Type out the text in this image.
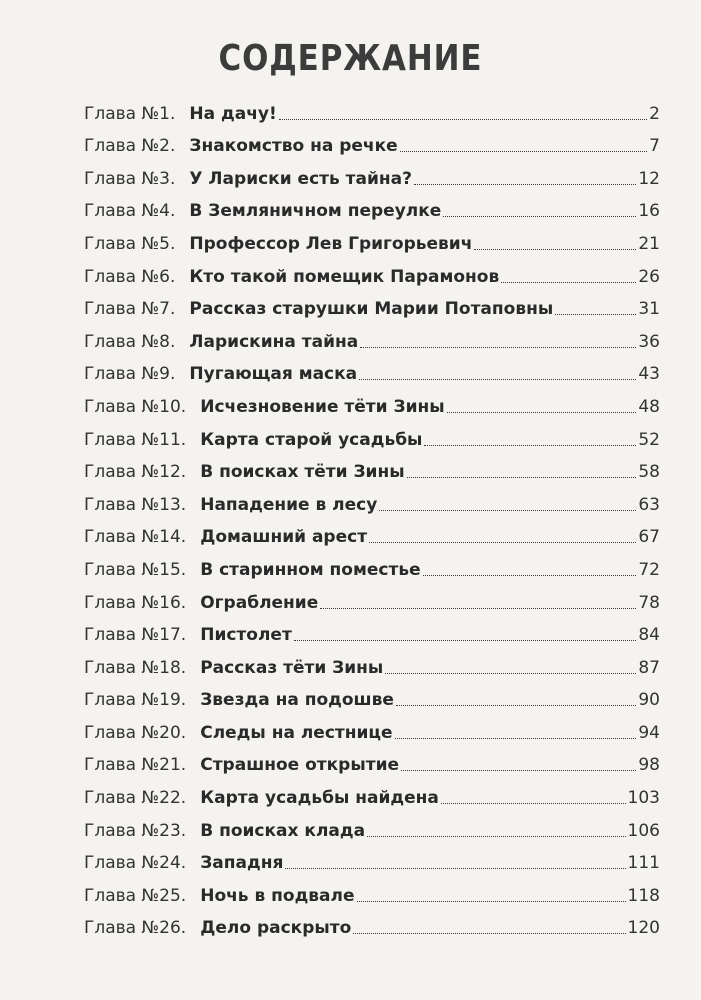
СОДЕРЖАНИЕ
Глава №1. На дачу!	2
Глава №2. Знакомство на речке	7
Глава №3. У Лариски есть тайна?	12
Глава №4. В Земляничном переулке	16
Глава №5. Профессор Лев Григорьевич	21
Глава №6. Кто такой помещик Парамонов	26
Глава №7. Рассказ старушки Марии Потаповны	31
Глава №8. Ларискина тайна	36
Глава №9. Пугающая маска	43
Глава №10. Исчезновение тёти Зины	48
Глава №11. Карта старой усадьбы	52
Глава №12. В поисках тёти Зины	58
Глава №13. Нападение в лесу	63
Глава №14. Домашний арест	67
Глава №15. В старинном поместье	72
Глава №16. Ограбление	78
Глава №17. Пистолет	84
Глава №18. Рассказ тёти Зины	87
Глава №19. Звезда на подошве	90
Глава №20. Следы на лестнице	94
Глава №21. Страшное открытие	98
Глава №22. Карта усадьбы найдена	103
Глава №23. В поисках клада	106
Глава №24. Западня	111
Глава №25. Ночь в подвале	118
Глава №26. Дело раскрыто	120
